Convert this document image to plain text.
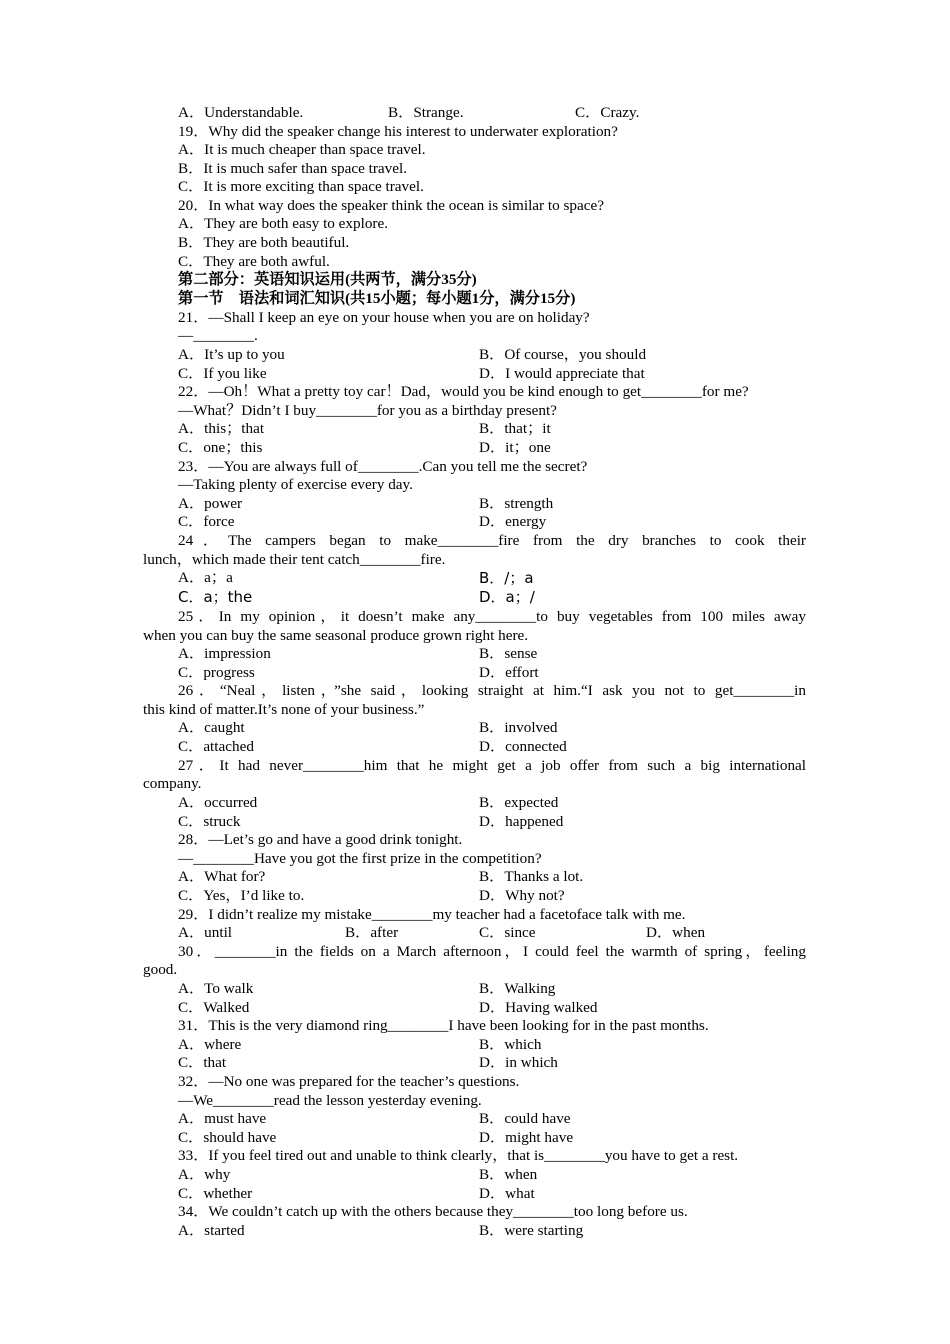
A．Understandable.	B．Strange.	C．Crazy.
19．Why did the speaker change his interest to underwater exploration?
A．It is much cheaper than space travel.
B．It is much safer than space travel.
C．It is more exciting than space travel.
20．In what way does the speaker think the ocean is similar to space?
A．They are both easy to explore.
B．They are both beautiful.
C．They are both awful.
第二部分：英语知识运用(共两节，满分35分)
第一节　语法和词汇知识(共15小题；每小题1分，满分15分)
21．—Shall I keep an eye on your house when you are on holiday?
—________.
A．It’s up to you	B．Of course，you should
C．If you like	D．I would appreciate that
22．—Oh！What a pretty toy car！Dad，would you be kind enough to get________for me?
—What？Didn’t I buy________for you as a birthday present?
A．this；that	B．that；it
C．one；this	D．it；one
23．—You are always full of________.Can you tell me the secret?
—Taking plenty of exercise every day.
A．power	B．strength
C．force	D．energy
24．The campers began to make________fire from the dry branches to cook their
lunch，which made their tent catch________fire.
A．a；a	B．/；a
C．a；the	D．a；/
25．In my opinion，it doesn’t make any________to buy vegetables from 100 miles away
when you can buy the same seasonal produce grown right here.
A．impression	B．sense
C．progress	D．effort
26．“Neal，listen，”she said，looking straight at him.“I ask you not to get________in
this kind of matter.It’s none of your business.”
A．caught	B．involved
C．attached	D．connected
27．It had never________him that he might get a job offer from such a big international
company.
A．occurred	B．expected
C．struck	D．happened
28．—Let’s go and have a good drink tonight.
—________Have you got the first prize in the competition?
A．What for?	B．Thanks a lot.
C．Yes，I’d like to.	D．Why not?
29．I didn’t realize my mistake________my teacher had a facetoface talk with me.
A．until	B．after	C．since	D．when
30．________in the fields on a March afternoon，I could feel the warmth of spring，feeling
good.
A．To walk	B．Walking
C．Walked	D．Having walked
31．This is the very diamond ring________I have been looking for in the past months.
A．where	B．which
C．that	D．in which
32．—No one was prepared for the teacher’s questions.
—We________read the lesson yesterday evening.
A．must have	B．could have
C．should have	D．might have
33．If you feel tired out and unable to think clearly，that is________you have to get a rest.
A．why	B．when
C．whether	D．what
34．We couldn’t catch up with the others because they________too long before us.
A．started	B．were starting
